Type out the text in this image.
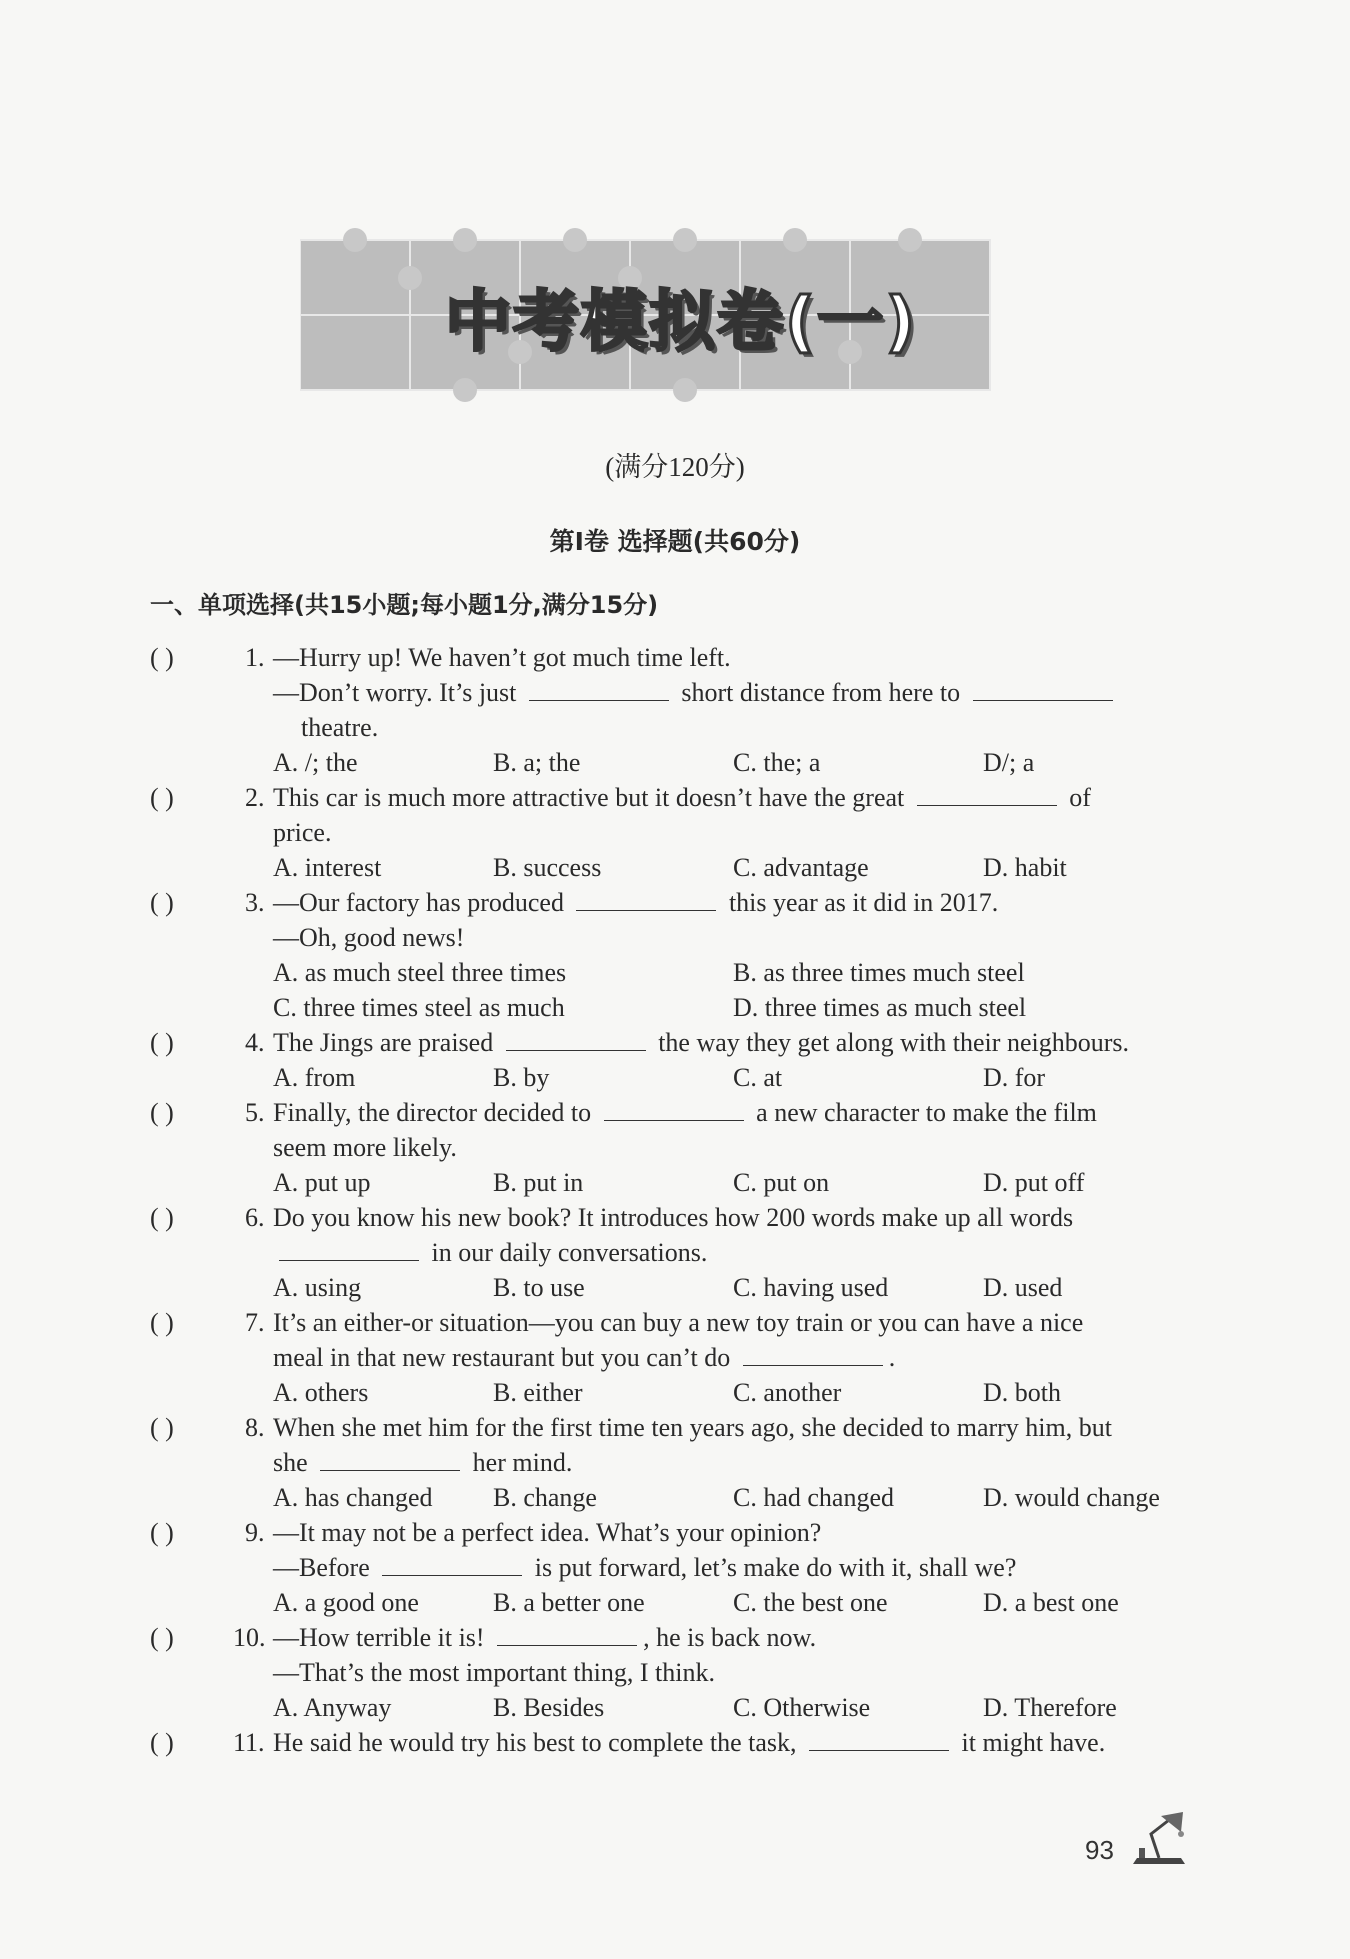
中考模拟卷(一)
(满分120分)
第Ⅰ卷 选择题(共60分)
一、单项选择(共15小题;每小题1分,满分15分)
( )	1. —Hurry up! We haven’t got much time left.
—Don’t worry. It’s just	short distance from here to
theatre.
A. /; the	B. a; the	C. the; a	D/; a
( )	2. This car is much more attractive but it doesn’t have the great	of
price.
A. interest	B. success	C. advantage	D. habit
( )	3. —Our factory has produced	this year as it did in 2017.
—Oh, good news!
A. as much steel three times	B. as three times much steel
C. three times steel as much	D. three times as much steel
( )	4. The Jings are praised	the way they get along with their neighbours.
A. from	B. by	C. at	D. for
( )	5. Finally, the director decided to	a new character to make the film
seem more likely.
A. put up	B. put in	C. put on	D. put off
( )	6. Do you know his new book? It introduces how 200 words make up all words
in our daily conversations.
A. using	B. to use	C. having used	D. used
( )	7. It’s an either-or situation—you can buy a new toy train or you can have a nice
meal in that new restaurant but you can’t do	.
A. others	B. either	C. another	D. both
( )	8. When she met him for the first time ten years ago, she decided to marry him, but
she	her mind.
A. has changed B. change	C. had changed	D. would change
( )	9. —It may not be a perfect idea. What’s your opinion?
—Before	is put forward, let’s make do with it, shall we?
A. a good one	B. a better one	C. the best one	D. a best one
( ) 10. —How terrible it is!	, he is back now.
—That’s the most important thing, I think.
A. Anyway	B. Besides	C. Otherwise	D. Therefore
( ) 11. He said he would try his best to complete the task,	it might have.
93
